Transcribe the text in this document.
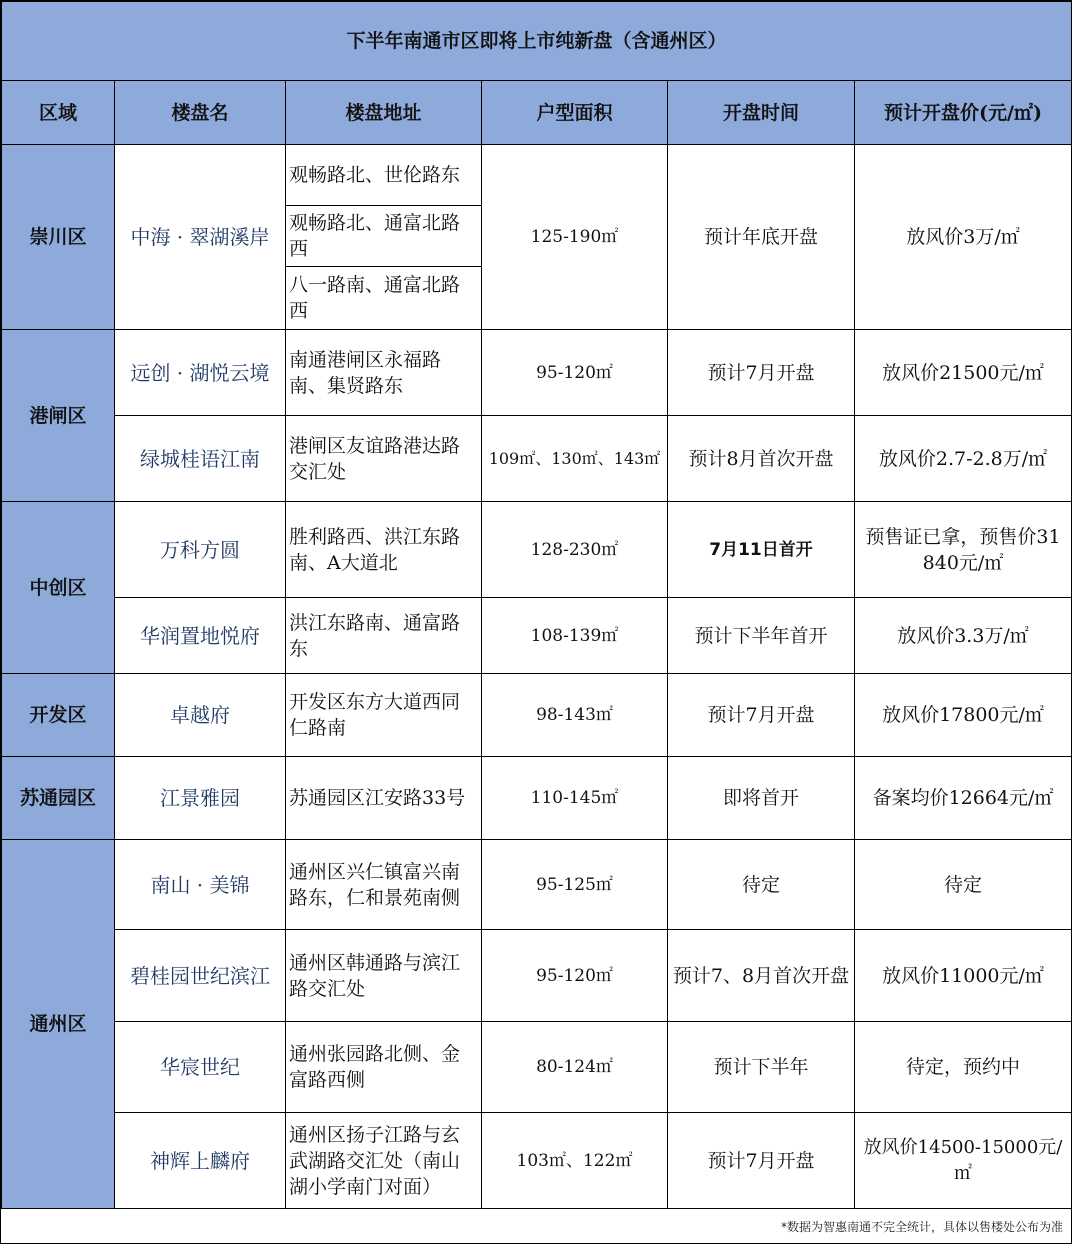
下半年南通市区即将上市纯新盘（含通州区）					
区域	楼盘名	楼盘地址	户型面积	开盘时间	预计开盘价(元/㎡)
崇川区	中海 · 翠湖溪岸	观畅路北、世伦路东	125-190㎡	预计年底开盘	放风价3万/㎡
		观畅路北、通富北路西			
		八一路南、通富北路西			
港闸区	远创 · 湖悦云境	南通港闸区永福路南、集贤路东	95-120㎡	预计7月开盘	放风价21500元/㎡
	绿城桂语江南	港闸区友谊路港达路交汇处	109㎡、130㎡、143㎡	预计8月首次开盘	放风价2.7-2.8万/㎡
中创区	万科方圆	胜利路西、洪江东路南、A大道北	128-230㎡	7月11日首开	预售证已拿，预售价31840元/㎡
	华润置地悦府	洪江东路南、通富路东	108-139㎡	预计下半年首开	放风价3.3万/㎡
开发区	卓越府	开发区东方大道西同仁路南	98-143㎡	预计7月开盘	放风价17800元/㎡
苏通园区	江景雅园	苏通园区江安路33号	110-145㎡	即将首开	备案均价12664元/㎡
通州区	南山 · 美锦	通州区兴仁镇富兴南路东，仁和景苑南侧	95-125㎡	待定	待定
	碧桂园世纪滨江	通州区韩通路与滨江路交汇处	95-120㎡	预计7、8月首次开盘	放风价11000元/㎡
	华宸世纪	通州张园路北侧、金富路西侧	80-124㎡	预计下半年	待定，预约中
	神辉上麟府	通州区扬子江路与玄武湖路交汇处（南山湖小学南门对面）	103㎡、122㎡	预计7月开盘	放风价14500-15000元/㎡
*数据为智惠南通不完全统计，具体以售楼处公布为准
